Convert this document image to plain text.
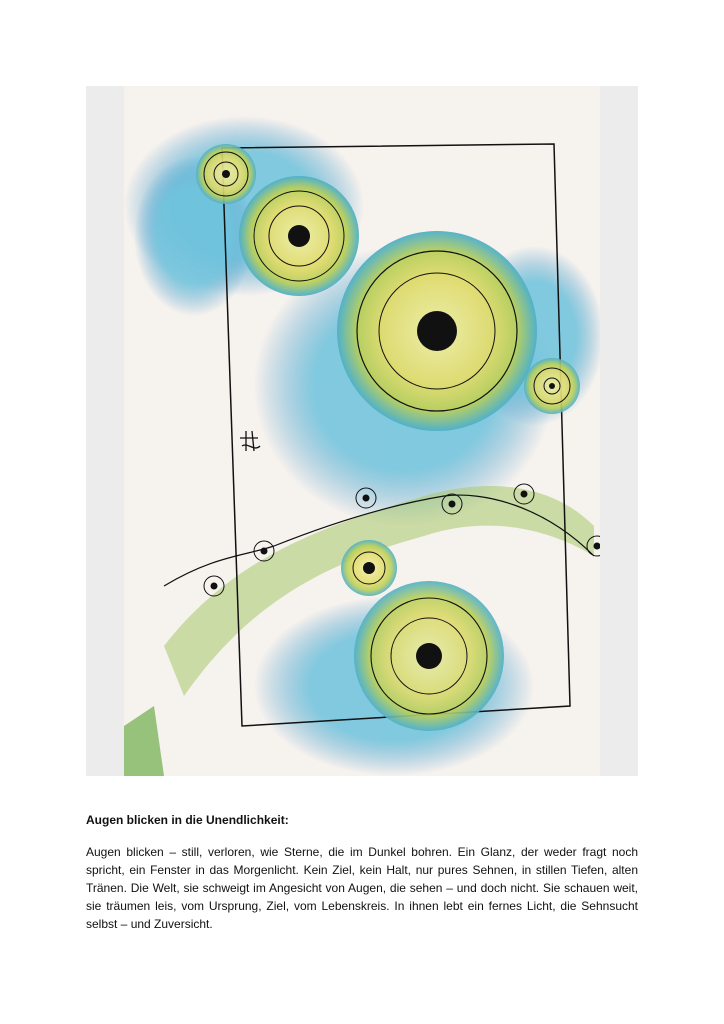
Augen blicken in die Unendlichkeit:

Augen blicken – still, verloren, wie Sterne, die im Dunkel bohren. Ein Glanz, der weder fragt noch spricht, ein Fenster in das Morgenlicht. Kein Ziel, kein Halt, nur pures Sehnen, in stillen Tiefen, alten Tränen. Die Welt, sie schweigt im Angesicht von Augen, die sehen – und doch nicht. Sie schauen weit, sie träumen leis, vom Ursprung, Ziel, vom Lebenskreis. In ihnen lebt ein fernes Licht, die Sehnsucht selbst – und Zuversicht.
